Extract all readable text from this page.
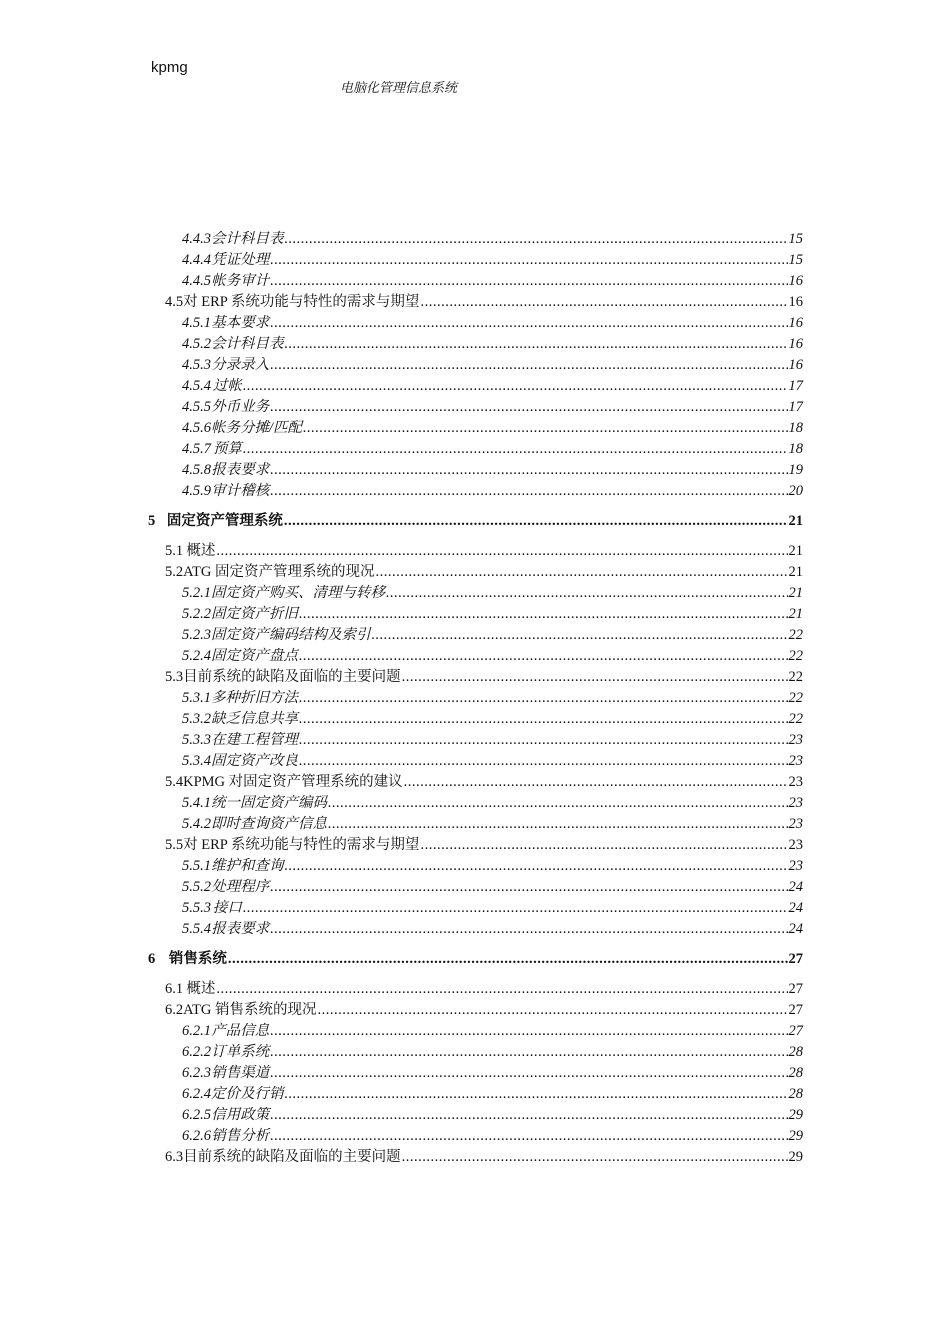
kpmg
电脑化管理信息系统
4.4.3 会计科目表 .....	15
4.4.4 凭证处理 .....	15
4.4.5 帐务审计 .....	16
4.5 对 ERP 系统功能与特性的需求与期望 .....	16
4.5.1 基本要求 .....	16
4.5.2 会计科目表 .....	16
4.5.3 分录录入 .....	16
4.5.4 过帐 .....	17
4.5.5 外币业务 .....	17
4.5.6 帐务分摊/匹配 .....	18
4.5.7 预算 .....	18
4.5.8 报表要求 .....	19
4.5.9 审计稽核 .....	20
5 固定资产管理系统 .....	21
5.1 概述 .....	21
5.2 ATG 固定资产管理系统的现况 .....	21
5.2.1 固定资产购买、清理与转移 .....	21
5.2.2 固定资产折旧 .....	21
5.2.3 固定资产编码结构及索引 .....	22
5.2.4 固定资产盘点 .....	22
5.3 目前系统的缺陷及面临的主要问题 .....	22
5.3.1 多种折旧方法 .....	22
5.3.2 缺乏信息共享 .....	22
5.3.3 在建工程管理 .....	23
5.3.4 固定资产改良 .....	23
5.4 KPMG 对固定资产管理系统的建议 .....	23
5.4.1 统一固定资产编码 .....	23
5.4.2 即时查询资产信息 .....	23
5.5 对 ERP 系统功能与特性的需求与期望 .....	23
5.5.1 维护和查询 .....	23
5.5.2 处理程序 .....	24
5.5.3 接口 .....	24
5.5.4 报表要求 .....	24
6 销售系统 .....	27
6.1 概述 .....	27
6.2 ATG 销售系统的现况 .....	27
6.2.1 产品信息 .....	27
6.2.2 订单系统 .....	28
6.2.3 销售渠道 .....	28
6.2.4 定价及行销 .....	28
6.2.5 信用政策 .....	29
6.2.6 销售分析 .....	29
6.3 目前系统的缺陷及面临的主要问题 .....	29
